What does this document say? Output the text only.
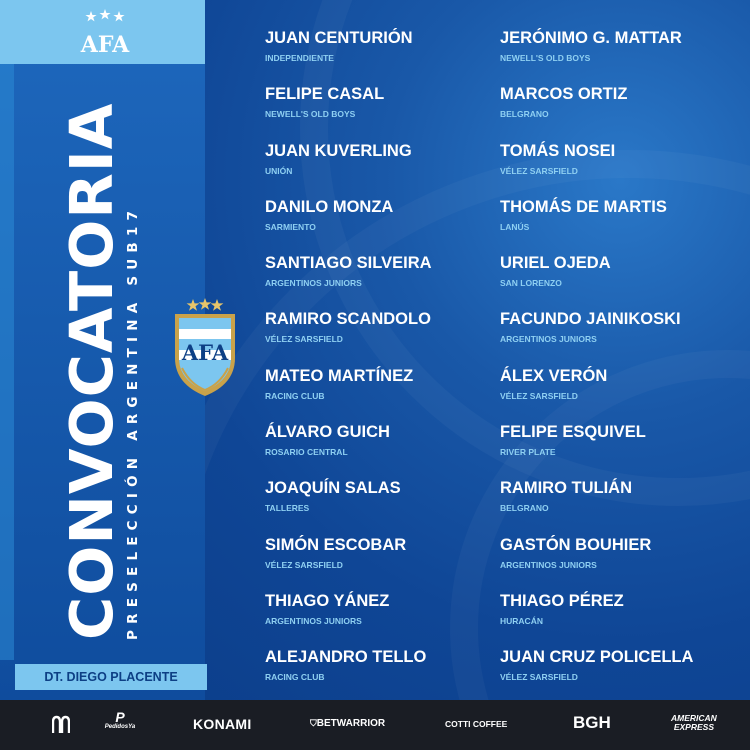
AFA
DT. DIEGO PLACENTE
CONVOCATORIA PRESELECCIÓN ARGENTINA SUB17 AFA
JUAN CENTURIÓN
INDEPENDIENTE
FELIPE CASAL
NEWELL'S OLD BOYS
JUAN KUVERLING
UNIÓN
DANILO MONZA
SARMIENTO
SANTIAGO SILVEIRA
ARGENTINOS JUNIORS
RAMIRO SCANDOLO
VÉLEZ SARSFIELD
MATEO MARTÍNEZ
RACING CLUB
ÁLVARO GUICH
ROSARIO CENTRAL
JOAQUÍN SALAS
TALLERES
SIMÓN ESCOBAR
VÉLEZ SARSFIELD
THIAGO YÁNEZ
ARGENTINOS JUNIORS
ALEJANDRO TELLO
RACING CLUB
JERÓNIMO G. MATTAR
NEWELL'S OLD BOYS
MARCOS ORTIZ
BELGRANO
TOMÁS NOSEI
VÉLEZ SARSFIELD
THOMÁS DE MARTIS
LANÚS
URIEL OJEDA
SAN LORENZO
FACUNDO JAINIKOSKI
ARGENTINOS JUNIORS
ÁLEX VERÓN
VÉLEZ SARSFIELD
FELIPE ESQUIVEL
RIVER PLATE
RAMIRO TULIÁN
BELGRANO
GASTÓN BOUHIER
ARGENTINOS JUNIORS
THIAGO PÉREZ
HURACÁN
JUAN CRUZ POLICELLA
VÉLEZ SARSFIELD
P
PedidosYa	KONAMI	⛉BETWARRIOR	COTTI COFFEE	BGH	AMERICAN
EXPRESS
